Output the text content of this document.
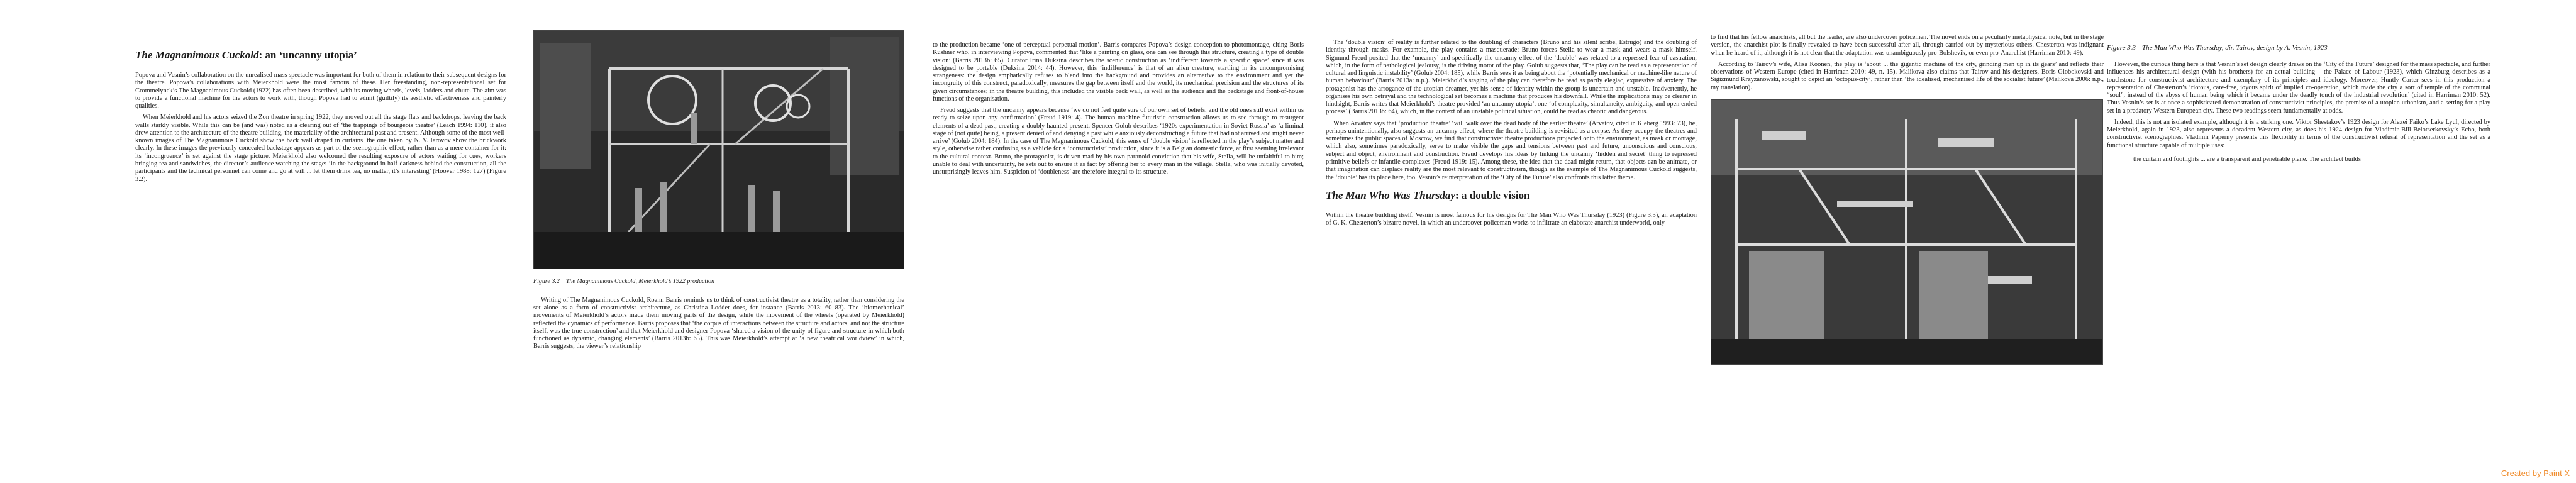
The Magnanimous Cuckold: an ‘uncanny utopia’

Popova and Vesnin’s collaboration on the unrealised mass spectacle was important for both of them in relation to their subsequent designs for the theatre. Popova’s collaborations with Meierkhold were the most famous of these. Her freestanding, non-representational set for Crommelynck’s The Magnanimous Cuckold (1922) has often been described, with its moving wheels, levels, ladders and chute. The aim was to provide a functional machine for the actors to work with, though Popova had to admit (guiltily) its aesthetic effectiveness and painterly qualities.

When Meierkhold and his actors seized the Zon theatre in spring 1922, they moved out all the stage flats and backdrops, leaving the back walls starkly visible. While this can be (and was) noted as a clearing out of ‘the trappings of bourgeois theatre’ (Leach 1994: 110), it also drew attention to the architecture of the theatre building, the materiality of the architectural past and present. Although some of the most well-known images of The Magnanimous Cuckold show the back wall draped in curtains, the one taken by N. V. Iarovov show the brickwork clearly. In these images the previously concealed backstage appears as part of the scenographic effect, rather than as a mere container for it: its ‘incongruence’ is set against the stage picture. Meierkhold also welcomed the resulting exposure of actors waiting for cues, workers bringing tea and sandwiches, the director’s audience watching the stage: ‘in the background in half-darkness behind the construction, all the participants and the technical personnel can come and go at will ... let them drink tea, no matter, it’s interesting’ (Hoover 1988: 127) (Figure 3.2).

Figure 3.2 The Magnanimous Cuckold, Meierkhold’s 1922 production

Writing of The Magnanimous Cuckold, Roann Barris reminds us to think of constructivist theatre as a totality, rather than considering the set alone as a form of constructivist architecture, as Christina Lodder does, for instance (Barris 2013: 60–83). The ‘biomechanical’ movements of Meierkhold’s actors made them moving parts of the design, while the movement of the wheels (operated by Meierkhold) reflected the dynamics of performance. Barris proposes that ‘the corpus of interactions between the structure and actors, and not the structure itself, was the true construction’ and that Meierkhold and designer Popova ‘shared a vision of the unity of figure and structure in which both functioned as dynamic, changing elements’ (Barris 2013b: 65). This was Meierkhold’s attempt at ‘a new theatrical worldview’ in which, Barris suggests, the viewer’s relationship

to the production became ‘one of perceptual perpetual motion’. Barris compares Popova’s design conception to photomontage, citing Boris Kushner who, in interviewing Popova, commented that ‘like a painting on glass, one can see through this structure, creating a type of double vision’ (Barris 2013b: 65). Curator Irina Duksina describes the scenic construction as ‘indifferent towards a specific space’ since it was designed to be portable (Duksina 2014: 44). However, this ‘indifference’ is that of an alien creature, startling in its uncompromising strangeness: the design emphatically refuses to blend into the background and provides an alternative to the environment and yet the incongruity of this construct, paradoxically, measures the gap between itself and the world, its mechanical precision and the structures of its given circumstances; in the theatre building, this included the visible back wall, as well as the audience and the backstage and front-of-house functions of the organisation.

Freud suggests that the uncanny appears because ‘we do not feel quite sure of our own set of beliefs, and the old ones still exist within us ready to seize upon any confirmation’ (Freud 1919: 4). The human-machine futuristic construction allows us to see through to resurgent elements of a dead past, creating a doubly haunted present. Spencer Golub describes ‘1920s experimentation in Soviet Russia’ as ‘a liminal stage of (not quite) being, a present denied of and denying a past while anxiously deconstructing a future that had not arrived and might never arrive’ (Golub 2004: 184). In the case of The Magnanimous Cuckold, this sense of ‘double vision’ is reflected in the play’s subject matter and style, otherwise rather confusing as a vehicle for a ‘constructivist’ production, since it is a Belgian domestic farce, at first seeming irrelevant to the cultural context. Bruno, the protagonist, is driven mad by his own paranoid conviction that his wife, Stella, will be unfaithful to him; unable to deal with uncertainty, he sets out to ensure it as fact by offering her to every man in the village. Stella, who was initially devoted, unsurprisingly leaves him. Suspicion of ‘doubleness’ are therefore integral to its structure.

The ‘double vision’ of reality is further related to the doubling of characters (Bruno and his silent scribe, Estrugo) and the doubling of identity through masks. For example, the play contains a masquerade; Bruno forces Stella to wear a mask and wears a mask himself. Sigmund Freud posited that the ‘uncanny’ and specifically the uncanny effect of the ‘double’ was related to a repressed fear of castration, which, in the form of pathological jealousy, is the driving motor of the play. Golub suggests that, ‘The play can be read as a representation of cultural and linguistic instability’ (Golub 2004: 185), while Barris sees it as being about the ‘potentially mechanical or machine-like nature of human behaviour’ (Barris 2013a: n.p.). Meierkhold’s staging of the play can therefore be read as partly elegiac, expressive of anxiety. The protagonist has the arrogance of the utopian dreamer, yet his sense of identity within the group is uncertain and unstable. Inadvertently, he organises his own betrayal and the technological set becomes a machine that produces his downfall. While the implications may be clearer in hindsight, Barris writes that Meierkhold’s theatre provided ‘an uncanny utopia’, one ‘of complexity, simultaneity, ambiguity, and open ended process’ (Barris 2013b: 64), which, in the context of an unstable political situation, could be read as chaotic and dangerous.

When Arvatov says that ‘production theatre’ ‘will walk over the dead body of the earlier theatre’ (Arvatov, cited in Kleberg 1993: 73), he, perhaps unintentionally, also suggests an uncanny effect, where the theatre building is revisited as a corpse. As they occupy the theatres and sometimes the public spaces of Moscow, we find that constructivist theatre productions projected onto the environment, as mask or montage, which also, sometimes paradoxically, serve to make visible the gaps and tensions between past and future, unconscious and conscious, subject and object, environment and construction. Freud develops his ideas by linking the uncanny ‘hidden and secret’ thing to repressed primitive beliefs or infantile complexes (Freud 1919: 15). Among these, the idea that the dead might return, that objects can be animate, or that imagination can displace reality are the most relevant to constructivism, though as the example of The Magnanimous Cuckold suggests, the ‘double’ has its place here, too. Vesnin’s reinterpretation of the ‘City of the Future’ also confronts this latter theme.

The Man Who Was Thursday: a double vision

Within the theatre building itself, Vesnin is most famous for his designs for The Man Who Was Thursday (1923) (Figure 3.3), an adaptation of G. K. Chesterton’s bizarre novel, in which an undercover policeman works to infiltrate an elaborate anarchist underworld, only

to find that his fellow anarchists, all but the leader, are also undercover policemen. The novel ends on a peculiarly metaphysical note, but in the stage version, the anarchist plot is finally revealed to have been successful after all, through carried out by mysterious others. Chesterton was indignant when he heard of it, although it is not clear that the adaptation was unambiguously pro-Bolshevik, or even pro-Anarchist (Harriman 2010: 49).

According to Tairov’s wife, Alisa Koonen, the play is ‘about ... the gigantic machine of the city, grinding men up in its gears’ and reflects their observations of Western Europe (cited in Harriman 2010: 49, n. 15). Malikova also claims that Tairov and his designers, Boris Globokovski and Sigizmund Krzyzanowski, sought to depict an ‘octopus-city’, rather than ‘the idealised, mechanised life of the socialist future’ (Malikova 2006: n.p., my translation).

Figure 3.3 The Man Who Was Thursday, dir. Tairov, design by A. Vesnin, 1923

However, the curious thing here is that Vesnin’s set design clearly draws on the ‘City of the Future’ designed for the mass spectacle, and further influences his architectural design (with his brothers) for an actual building – the Palace of Labour (1923), which Ginzburg describes as a touchstone for constructivist architecture and exemplary of its principles and ideology. Moreover, Huntly Carter sees in this production a representation of Chesterton’s ‘riotous, care-free, joyous spirit of implied co-operation, which made the city a sort of temple of the communal “soul”, instead of the abyss of human being which it became under the deadly touch of the industrial revolution’ (cited in Harriman 2010: 52). Thus Vesnin’s set is at once a sophisticated demonstration of constructivist principles, the premise of a utopian urbanism, and a setting for a play set in a predatory Western European city. These two readings seem fundamentally at odds.

Indeed, this is not an isolated example, although it is a striking one. Viktor Shestakov’s 1923 design for Alexei Faiko’s Lake Lyul, directed by Meierkhold, again in 1923, also represents a decadent Western city, as does his 1924 design for Vladimir Bill-Belotserkovsky’s Echo, both constructivist scenographies. Vladimir Paperny presents this flexibility in terms of the constructivist refusal of representation and the set as a functional structure capable of multiple uses:

the curtain and footlights ... are a transparent and penetrable plane. The architect builds

Created by Paint X
